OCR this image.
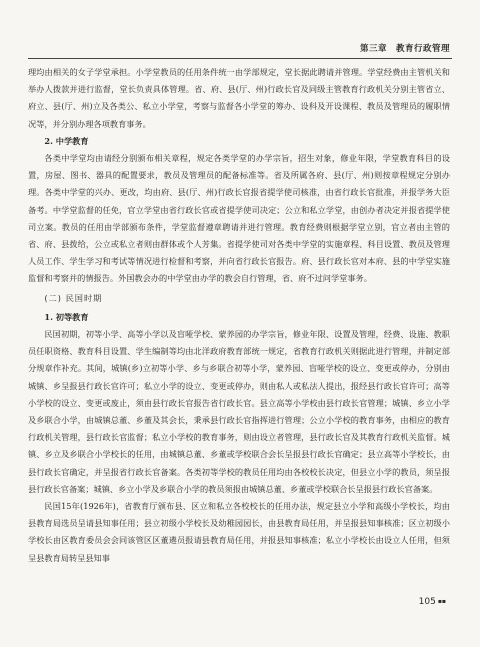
第三章　教育行政管理

理均由相关的女子学堂承担。小学堂教员的任用条件统一由学部规定，堂长据此聘请并管理。学堂经费由主管机关和举办人拨款并进行监督，堂长负责具体管理。省、府、县(厅、州)行政长官及同级主管教育行政机关分别主管省立、府立、县(厅、州)立及各类公、私立小学堂，考察与监督各小学堂的筹办、设科及开设课程、教员及管理员的履职情况等，并分别办理各项教育事务。

2. 中学教育

各类中学堂均由请经分别颁布相关章程，规定各类学堂的办学宗旨，招生对象，修业年限，学堂教育科目的设置，房屋、图书、器具的配置要求，教员及管理员的配备标准等。省及所属各府、县(厅、州)则按章程规定分别办理。各类中学堂的兴办、更改，均由府、县(厅、州)行政长官报省提学使司核准，由省行政长官批准，并报学务大臣备考。中学堂监督的任免，官立学堂由省行政长官或省提学使司决定；公立和私立学堂，由创办者决定并报省提学使司立案。教员的任用由学部颁布条件，学堂监督遵章聘请并进行管理。教育经费则根据学堂立别，官立者由主管的省、府、县拨给，公立或私立者则由群体或个人芳集。省提学使司对各类中学堂的实施章程、科目设置、教员及管理人员工作、学生学习和考试等情况进行检督和考察，并向省行政长官报告。府、县行政长官对本府、县的中学堂实施监督和考察并的情报告。外国教会办的中学堂由办学的教会自行管理，省、府不过问学堂事务。

(二) 民国时期

1. 初等教育

民国初期，初等小学、高等小学以及盲哑学校、蒙养园的办学宗旨，修业年限、设置及管理，经费、设施、教职员任职资格、教育科目设置、学生编制等均由北洋政府教育部统一规定，省教育行政机关则据此进行管理，并制定部分规章作补充。其间，城镇(乡)立初等小学、乡与乡联合初等小学，蒙养园、盲哑学校的设立、变更或停办，分别由城镇、乡呈报县行政长官许可；私立小学的设立、变更或停办，则由私人或私法人提出，报经县行政长官许可；高等小学校的设立、变更或废止，须由县行政长官报告省行政长官。县立高等小学校由县行政长官管理；城镇、乡立小学及乡联合小学，由城镇总董、乡董及其会长，秉承县行政长官指挥进行管理；公立小学校的教育事务，由相应的教育行政机关管理，县行政长官监督；私立小学校的教育事务，则由设立者管理，县行政长官及其教育行政机关监督。城镇、乡立及乡联合小学校长的任用，由城镇总董、乡董或学校联合会长呈报县行政长官确定；县立高等小学校长，由县行政长官确定，并呈报省行政长官备案。各类初等学校的教员任用均由各校校长决定，但县立小学的教员，须呈报县行政长官备案；城镇、乡立小学及乡联合小学的教员须报由城镇总董、乡董或学校联合长呈报县行政长官备案。

民国15年(1926年)，省教育厅颁布县、区立和私立各校校长的任用办法，规定县立小学和高级小学校长，均由县教育局选员呈请县知事任用；县立初级小学校长及幼稚园园长，由县教育局任用，并呈报县知事核准；区立初级小学校长由区教育委员会会同该管区区董遴员报请县教育局任用，并报县知事核准；私立小学校长由设立人任用，但须呈县教育局转呈县知事

105 ▪▪
